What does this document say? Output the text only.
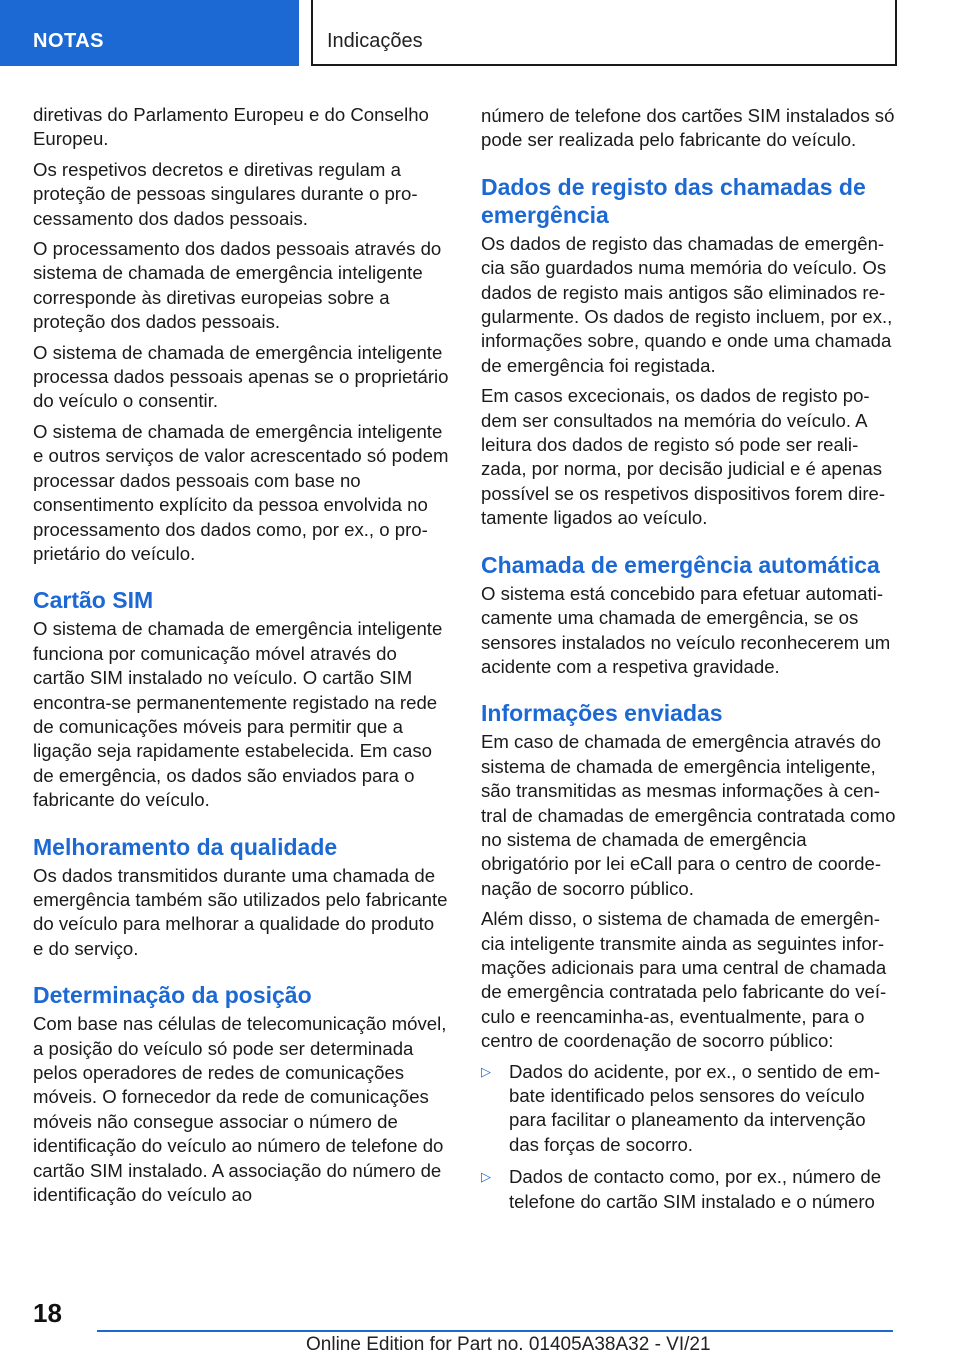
NOTAS	Indicações

diretivas do Parlamento Europeu e do Conselho Europeu.

Os respetivos decretos e diretivas regulam a proteção de pessoas singulares durante o processamento dos dados pessoais.

O processamento dos dados pessoais através do sistema de chamada de emergência inteligente corresponde às diretivas europeias sobre a proteção dos dados pessoais.

O sistema de chamada de emergência inteligente processa dados pessoais apenas se o proprietário do veículo o consentir.

O sistema de chamada de emergência inteligente e outros serviços de valor acrescentado só podem processar dados pessoais com base no consentimento explícito da pessoa envolvida no processamento dos dados como, por ex., o proprietário do veículo.

Cartão SIM

O sistema de chamada de emergência inteligente funciona por comunicação móvel através do cartão SIM instalado no veículo. O cartão SIM encontra-se permanentemente registado na rede de comunicações móveis para permitir que a ligação seja rapidamente estabelecida. Em caso de emergência, os dados são enviados para o fabricante do veículo.

Melhoramento da qualidade

Os dados transmitidos durante uma chamada de emergência também são utilizados pelo fabricante do veículo para melhorar a qualidade do produto e do serviço.

Determinação da posição

Com base nas células de telecomunicação móvel, a posição do veículo só pode ser determinada pelos operadores de redes de comunicações móveis. O fornecedor da rede de comunicações móveis não consegue associar o número de identificação do veículo ao número de telefone do cartão SIM instalado. A associação do número de identificação do veículo ao

número de telefone dos cartões SIM instalados só pode ser realizada pelo fabricante do veículo.

Dados de registo das chamadas de emergência

Os dados de registo das chamadas de emergência são guardados numa memória do veículo. Os dados de registo mais antigos são eliminados regularmente. Os dados de registo incluem, por ex., informações sobre, quando e onde uma chamada de emergência foi registada.

Em casos excecionais, os dados de registo podem ser consultados na memória do veículo. A leitura dos dados de registo só pode ser realizada, por norma, por decisão judicial e é apenas possível se os respetivos dispositivos forem diretamente ligados ao veículo.

Chamada de emergência automática

O sistema está concebido para efetuar automaticamente uma chamada de emergência, se os sensores instalados no veículo reconhecerem um acidente com a respetiva gravidade.

Informações enviadas

Em caso de chamada de emergência através do sistema de chamada de emergência inteligente, são transmitidas as mesmas informações à central de chamadas de emergência contratada como no sistema de chamada de emergência obrigatório por lei eCall para o centro de coordenação de socorro público.

Além disso, o sistema de chamada de emergência inteligente transmite ainda as seguintes informações adicionais para uma central de chamada de emergência contratada pelo fabricante do veículo e reencaminha-as, eventualmente, para o centro de coordenação de socorro público:

▷ Dados do acidente, por ex., o sentido de embate identificado pelos sensores do veículo para facilitar o planeamento da intervenção das forças de socorro.
▷ Dados de contacto como, por ex., número de telefone do cartão SIM instalado e o número
18
Online Edition for Part no. 01405A38A32 - VI/21
